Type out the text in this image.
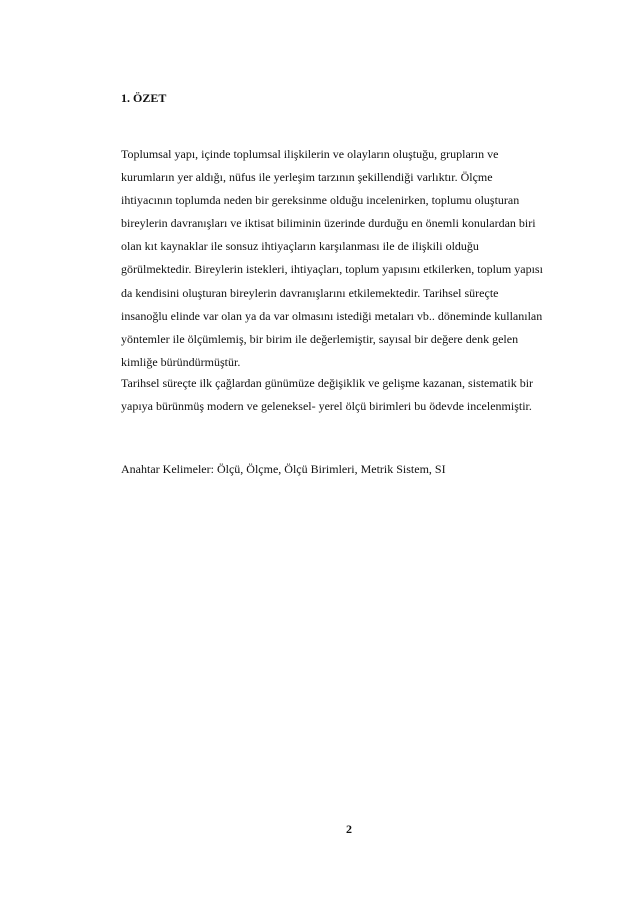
1. ÖZET
Toplumsal yapı, içinde toplumsal ilişkilerin ve olayların oluştuğu, grupların ve
kurumların yer aldığı, nüfus ile yerleşim tarzının şekillendiği varlıktır. Ölçme
ihtiyacının toplumda neden bir gereksinme olduğu incelenirken, toplumu oluşturan
bireylerin davranışları ve iktisat biliminin üzerinde durduğu en önemli konulardan biri
olan kıt kaynaklar ile sonsuz ihtiyaçların karşılanması ile de ilişkili olduğu
görülmektedir. Bireylerin istekleri, ihtiyaçları, toplum yapısını etkilerken, toplum yapısı
da kendisini oluşturan bireylerin davranışlarını etkilemektedir. Tarihsel süreçte
insanoğlu elinde var olan ya da var olmasını istediği metaları vb.. döneminde kullanılan
yöntemler ile ölçümlemiş, bir birim ile değerlemiştir, sayısal bir değere denk gelen
kimliğe büründürmüştür.
Tarihsel süreçte ilk çağlardan günümüze değişiklik ve gelişme kazanan, sistematik bir
yapıya bürünmüş modern ve geleneksel- yerel ölçü birimleri bu ödevde incelenmiştir.

Anahtar Kelimeler: Ölçü, Ölçme, Ölçü Birimleri, Metrik Sistem, SI

2
